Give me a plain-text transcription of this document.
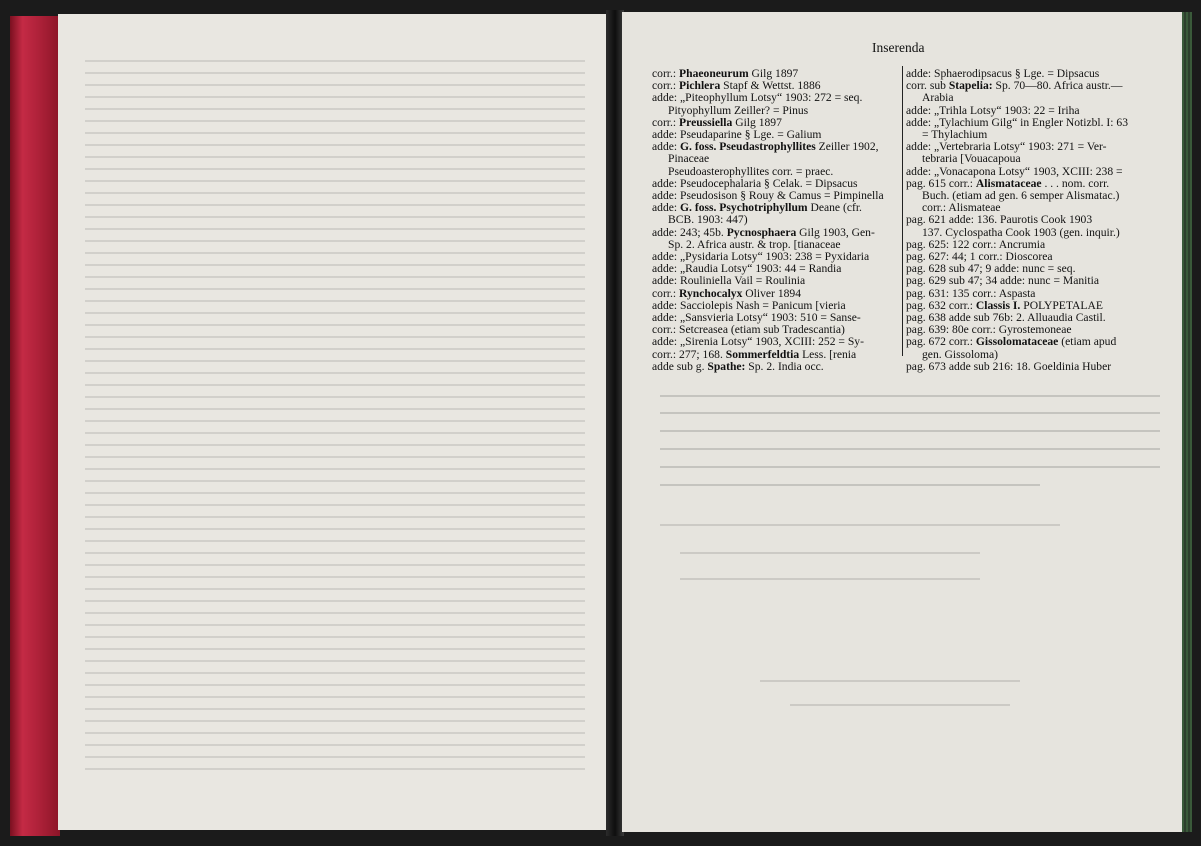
Inserenda
corr.: Phaeoneurum Gilg 1897
corr.: Pichlera Stapf & Wettst. 1886
adde: „Piteophyllum Lotsy“ 1903: 272 = seq.
Pityophyllum Zeiller? = Pinus
corr.: Preussiella Gilg 1897
adde: Pseudaparine § Lge. = Galium
adde: G. foss. Pseudastrophyllites Zeiller 1902,
Pinaceae
Pseudoasterophyllites corr. = praec.
adde: Pseudocephalaria § Celak. = Dipsacus
adde: Pseudosison § Rouy & Camus = Pimpinella
adde: G. foss. Psychotriphyllum Deane (cfr.
BCB. 1903: 447)
adde: 243; 45b. Pycnosphaera Gilg 1903, Gen-
Sp. 2. Africa austr. & trop. [tianaceae
adde: „Pysidaria Lotsy“ 1903: 238 = Pyxidaria
adde: „Raudia Lotsy“ 1903: 44 = Randia
adde: Rouliniella Vail = Roulinia
corr.: Rynchocalyx Oliver 1894
adde: Sacciolepis Nash = Panicum [vieria
adde: „Sansvieria Lotsy“ 1903: 510 = Sanse-
corr.: Setcreasea (etiam sub Tradescantia)
adde: „Sirenia Lotsy“ 1903, XCIII: 252 = Sy-
corr.: 277; 168. Sommerfeldtia Less. [renia
adde sub g. Spathe: Sp. 2. India occ.
adde: Sphaerodipsacus § Lge. = Dipsacus
corr. sub Stapelia: Sp. 70—80. Africa austr.—
Arabia
adde: „Trihla Lotsy“ 1903: 22 = Iriha
adde: „Tylachium Gilg“ in Engler Notizbl. I: 63
= Thylachium
adde: „Vertebraria Lotsy“ 1903: 271 = Ver-
tebraria [Vouacapoua
adde: „Vonacapona Lotsy“ 1903, XCIII: 238 =
pag. 615 corr.: Alismataceae . . . nom. corr.
Buch. (etiam ad gen. 6 semper Alismatac.)
corr.: Alismateae
pag. 621 adde: 136. Paurotis Cook 1903
137. Cyclospatha Cook 1903 (gen. inquir.)
pag. 625: 122 corr.: Ancrumia
pag. 627: 44; 1 corr.: Dioscorea
pag. 628 sub 47; 9 adde: nunc = seq.
pag. 629 sub 47; 34 adde: nunc = Manitia
pag. 631: 135 corr.: Aspasta
pag. 632 corr.: Classis I. POLYPETALAE
pag. 638 adde sub 76b: 2. Alluaudia Castil.
pag. 639: 80e corr.: Gyrostemoneae
pag. 672 corr.: Gissolomataceae (etiam apud
gen. Gissoloma)
pag. 673 adde sub 216: 18. Goeldinia Huber
